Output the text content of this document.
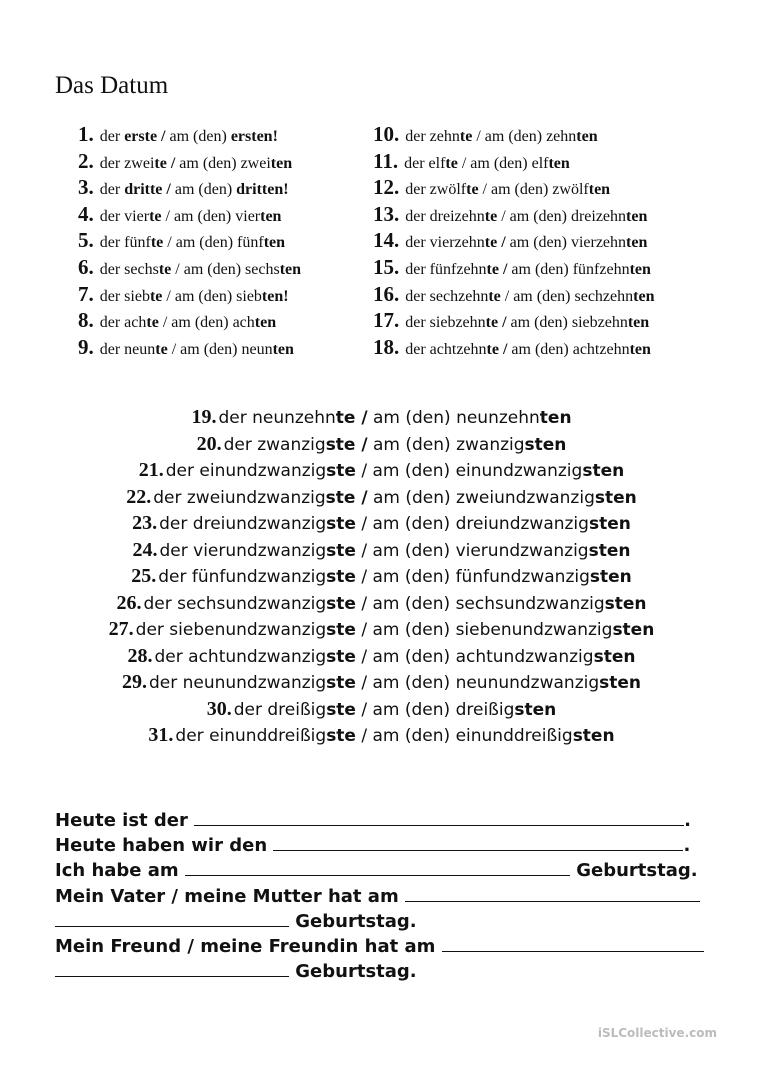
Das Datum
1. der erste / am (den) ersten!
2. der zweite / am (den) zweiten
3. der dritte / am (den) dritten!
4. der vierte / am (den) vierten
5. der fünfte / am (den) fünften
6. der sechste / am (den) sechsten
7. der siebte / am (den) siebten!
8. der achte / am (den) achten
9. der neunte / am (den) neunten
10. der zehnte / am (den) zehnten
11. der elfte / am (den) elften
12. der zwölfte / am (den) zwölften
13. der dreizehnte / am (den) dreizehnten
14. der vierzehnte / am (den) vierzehnten
15. der fünfzehnte / am (den) fünfzehnten
16. der sechzehnte / am (den) sechzehnten
17. der siebzehnte / am (den) siebzehnten
18. der achtzehnte / am (den) achtzehnten
19. der neunzehnte / am (den) neunzehnten
20. der zwanzigste / am (den) zwanzigsten
21. der einundzwanzigste / am (den) einundzwanzigsten
22. der zweiundzwanzigste / am (den) zweiundzwanzigsten
23. der dreiundzwanzigste / am (den) dreiundzwanzigsten
24. der vierundzwanzigste / am (den) vierundzwanzigsten
25. der fünfundzwanzigste / am (den) fünfundzwanzigsten
26. der sechsundzwanzigste / am (den) sechsundzwanzigsten
27. der siebenundzwanzigste / am (den) siebenundzwanzigsten
28. der achtundzwanzigste / am (den) achtundzwanzigsten
29. der neunundzwanzigste / am (den) neunundzwanzigsten
30. der dreißigste / am (den) dreißigsten
31. der einunddreißigste / am (den) einunddreißigsten
Heute ist der	.
Heute haben wir den	.
Ich habe am	Geburtstag.
Mein Vater / meine Mutter hat am
Geburtstag.
Mein Freund / meine Freundin hat am
Geburtstag.
iSLCollective.com
